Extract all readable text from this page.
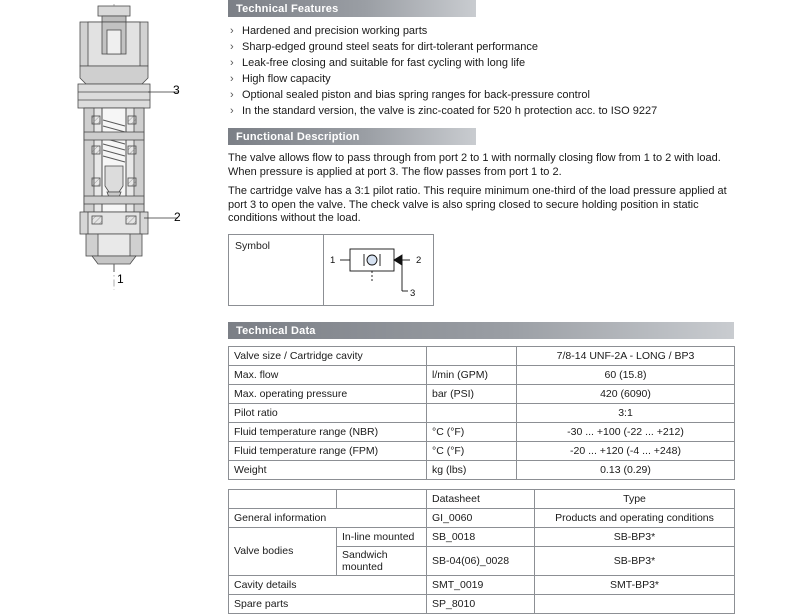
3
2
1
Technical Features
› Hardened and precision working parts
› Sharp-edged ground steel seats for dirt-tolerant performance
› Leak-free closing and suitable for fast cycling with long life
› High flow capacity
› Optional sealed piston and bias spring ranges for back-pressure control
› In the standard version, the valve is zinc-coated for 520 h protection acc. to ISO 9227
Functional Description

The valve allows flow to pass through from port 2 to 1 with normally closing flow from 1 to 2 with load. When pressure is applied at port 3. The flow passes from port 1 to 2.

The cartridge valve has a 3:1 pilot ratio. This require minimum one-third of the load pressure applied at port 3 to open the valve. The check valve is also spring closed to secure holding position in static conditions without the load.

Symbol
1	2
3
Technical Data
Valve size / Cartridge cavity		7/8-14 UNF-2A - LONG / BP3
Max. flow	l/min (GPM)	60 (15.8)
Max. operating pressure	bar (PSI)	420 (6090)
Pilot ratio		3:1
Fluid temperature range (NBR)	°C (°F)	-30 ... +100 (-22 ... +212)
Fluid temperature range (FPM)	°C (°F)	-20 ... +120 (-4 ... +248)
Weight	kg (lbs)	0.13 (0.29)
		Datasheet	Type
General information		GI_0060	Products and operating conditions
Valve bodies	In-line mounted	SB_0018	SB-BP3*
	Sandwich mounted	SB-04(06)_0028	SB-BP3*
Cavity details		SMT_0019	SMT-BP3*
Spare parts		SP_8010	
